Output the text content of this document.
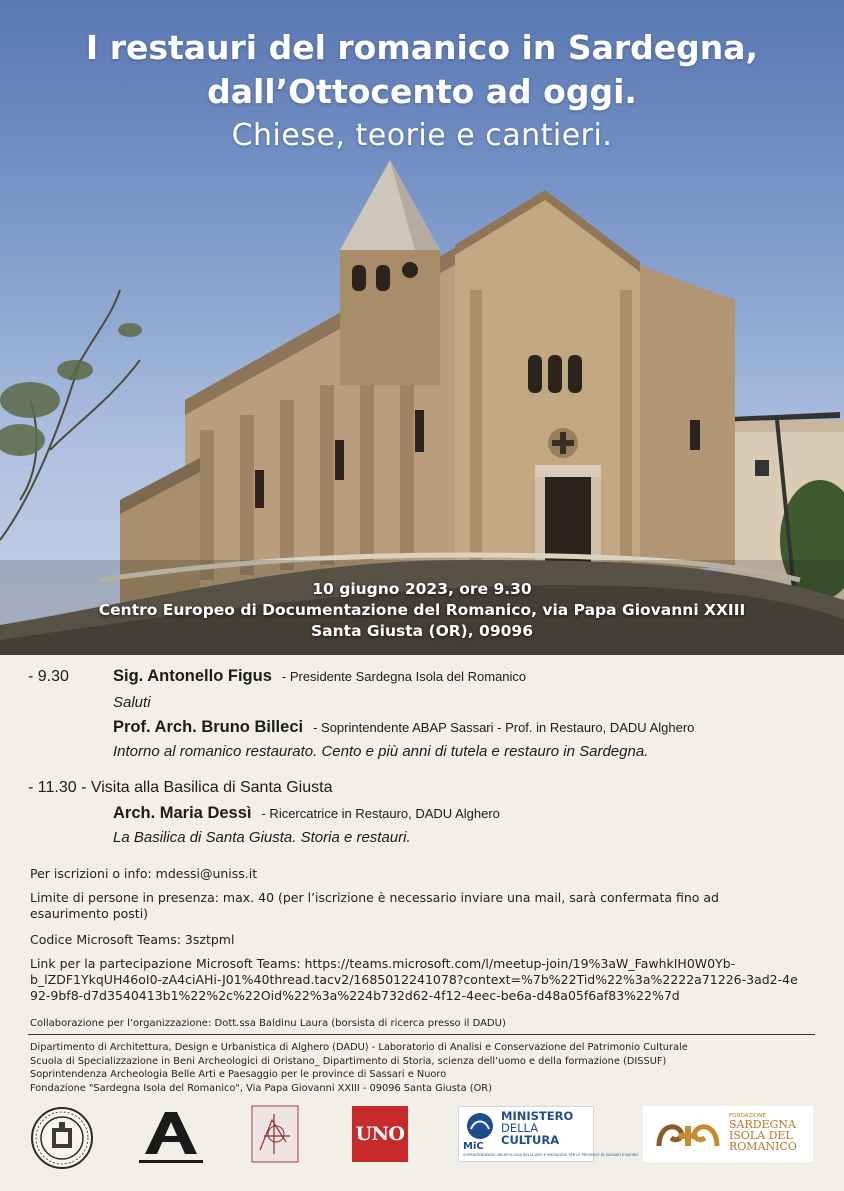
I restauri del romanico in Sardegna,
dall’Ottocento ad oggi.
Chiese, teorie e cantieri.
10 giugno 2023, ore 9.30
Centro Europeo di Documentazione del Romanico, via Papa Giovanni XXIII
Santa Giusta (OR), 09096
- 9.30	Sig. Antonello Figus - Presidente Sardegna Isola del Romanico
Saluti
Prof. Arch. Bruno Billeci - Soprintendente ABAP Sassari - Prof. in Restauro, DADU Alghero
Intorno al romanico restaurato. Cento e più anni di tutela e restauro in Sardegna.
- 11.30 - Visita alla Basilica di Santa Giusta
Arch. Maria Dessì - Ricercatrice in Restauro, DADU Alghero
La Basilica di Santa Giusta. Storia e restauri.
Per iscrizioni o info: mdessi@uniss.it
Limite di persone in presenza: max. 40 (per l’iscrizione è necessario inviare una mail, sarà confermata fino ad
esaurimento posti)
Codice Microsoft Teams: 3sztpml
Link per la partecipazione Microsoft Teams: https://teams.microsoft.com/l/meetup-join/19%3aW_FawhkIH0W0Yb-
b_lZDF1YkqUH46oI0-zA4ciAHi-J01%40thread.tacv2/1685012241078?context=%7b%22Tid%22%3a%2222a71226-3ad2-4e
92-9bf8-d7d3540413b1%22%2c%22Oid%22%3a%224b732d62-4f12-4eec-be6a-d48a05f6af83%22%7d
Collaborazione per l’organizzazione: Dott.ssa Baldinu Laura (borsista di ricerca presso il DADU)
Dipartimento di Architettura, Design e Urbanistica di Alghero (DADU) - Laboratorio di Analisi e Conservazione del Patrimonio Culturale
Scuola di Specializzazione in Beni Archeologici di Oristano_ Dipartimento di Storia, scienza dell’uomo e della formazione (DISSUF)
Soprintendenza Archeologia Belle Arti e Paesaggio per le province di Sassari e Nuoro
Fondazione "Sardegna Isola del Romanico", Via Papa Giovanni XXIII - 09096 Santa Giusta (OR)
UNO
MiC
MINISTERO
DELLA
CULTURA
SOPRINTENDENZA ARCHEOLOGIA BELLE ARTI E PAESAGGIO PER LE PROVINCE DI SASSARI E NUORO
FONDAZIONE
SARDEGNA
ISOLA DEL
ROMANICO
